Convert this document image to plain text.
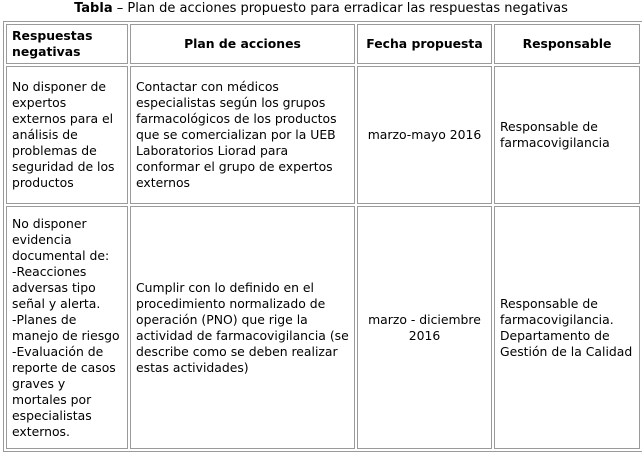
Tabla – Plan de acciones propuesto para erradicar las respuestas negativas
Respuestas negativas	Plan de acciones	Fecha propuesta	Responsable
No disponer de expertos externos para el análisis de problemas de seguridad de los productos	Contactar con médicos especialistas según los grupos farmacológicos de los productos que se comercializan por la UEB Laboratorios Liorad para conformar el grupo de expertos externos	marzo-mayo 2016	Responsable de farmacovigilancia

No disponer evidencia documental de:
-Reacciones adversas tipo señal y alerta.
-Planes de manejo de riesgo
-Evaluación de reporte de casos graves y mortales por especialistas externos.	Cumplir con lo definido en el procedimiento normalizado de operación (PNO) que rige la actividad de farmacovigilancia (se describe como se deben realizar estas actividades)	marzo - diciembre 2016	Responsable de farmacovigilancia. Departamento de Gestión de la Calidad
